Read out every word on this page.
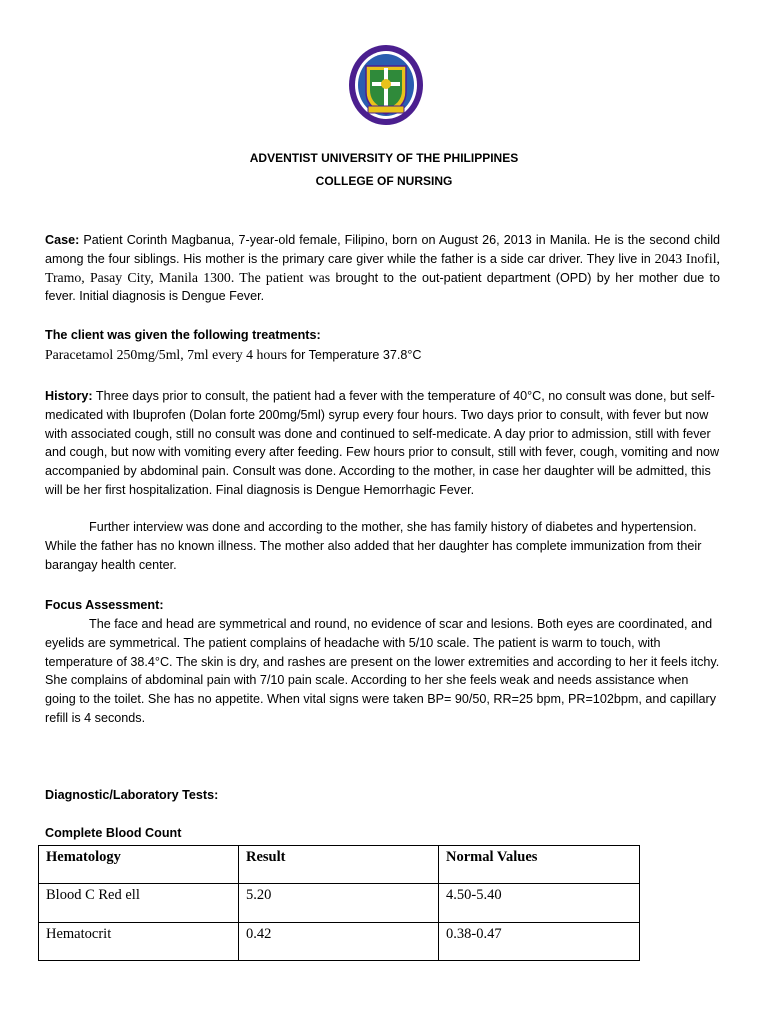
ADVENTIST UNIVERSITY OF THE PHILIPPINES
COLLEGE OF NURSING
Case: Patient Corinth Magbanua, 7-year-old female, Filipino, born on August 26, 2013 in Manila. He is the second child among the four siblings. His mother is the primary care giver while the father is a side car driver. They live in 2043 Inofil, Tramo, Pasay City, Manila 1300. The patient was brought to the out-patient department (OPD) by her mother due to fever. Initial diagnosis is Dengue Fever.
The client was given the following treatments:
Paracetamol 250mg/5ml, 7ml every 4 hours for Temperature 37.8°C
History: Three days prior to consult, the patient had a fever with the temperature of 40°C, no consult was done, but self-medicated with Ibuprofen (Dolan forte 200mg/5ml) syrup every four hours. Two days prior to consult, with fever but now with associated cough, still no consult was done and continued to self-medicate. A day prior to admission, still with fever and cough, but now with vomiting every after feeding. Few hours prior to consult, still with fever, cough, vomiting and now accompanied by abdominal pain. Consult was done. According to the mother, in case her daughter will be admitted, this will be her first hospitalization. Final diagnosis is Dengue Hemorrhagic Fever.
Further interview was done and according to the mother, she has family history of diabetes and hypertension. While the father has no known illness. The mother also added that her daughter has complete immunization from their barangay health center.
Focus Assessment:
The face and head are symmetrical and round, no evidence of scar and lesions. Both eyes are coordinated, and eyelids are symmetrical. The patient complains of headache with 5/10 scale. The patient is warm to touch, with temperature of 38.4°C. The skin is dry, and rashes are present on the lower extremities and according to her it feels itchy. She complains of abdominal pain with 7/10 pain scale. According to her she feels weak and needs assistance when going to the toilet. She has no appetite. When vital signs were taken BP= 90/50, RR=25 bpm, PR=102bpm, and capillary refill is 4 seconds.
Diagnostic/Laboratory Tests:
Complete Blood Count
Hematology	Result	Normal Values
Blood C Red ell	5.20	4.50-5.40
Hematocrit	0.42	0.38-0.47
